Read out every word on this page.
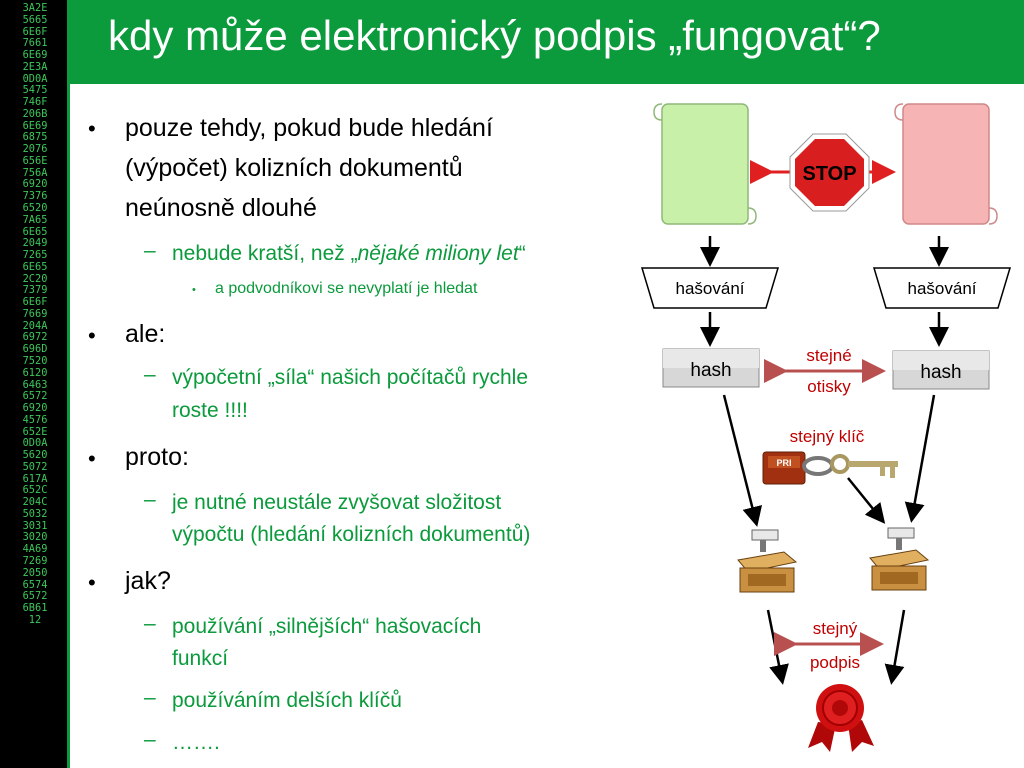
3A2E
5665
6E6F
7661
6E69
2E3A
0D0A
5475
746F
206B
6E69
6875
2076
656E
756A
6920
7376
6520
7A65
6E65
2049
7265
6E65
2C20
7379
6E6F
7669
204A
6972
696D
7520
6120
6463
6572
6920
4576
652E
0D0A
5620
5072
617A
652C
204C
5032
3031
3020
4A69
7269
2050
6574
6572
6B61
12
kdy může elektronický podpis „fungovat“?
• pouze tehdy, pokud bude hledání
(výpočet) kolizních dokumentů
neúnosně dlouhé
– nebude kratší, než „nějaké miliony let“
• a podvodníkovi se nevyplatí je hledat
• ale:
– výpočetní „síla“ našich počítačů rychle
roste !!!!
• proto:
– je nutné neustále zvyšovat složitost
výpočtu (hledání kolizních dokumentů)
• jak?
– používání „silnějších“ hašovacích
funkcí
– používáním delších klíčů
– …….
STOP
hašování	hašování
hash	hash
stejné
otisky
stejný klíč
PRI
stejný
podpis
